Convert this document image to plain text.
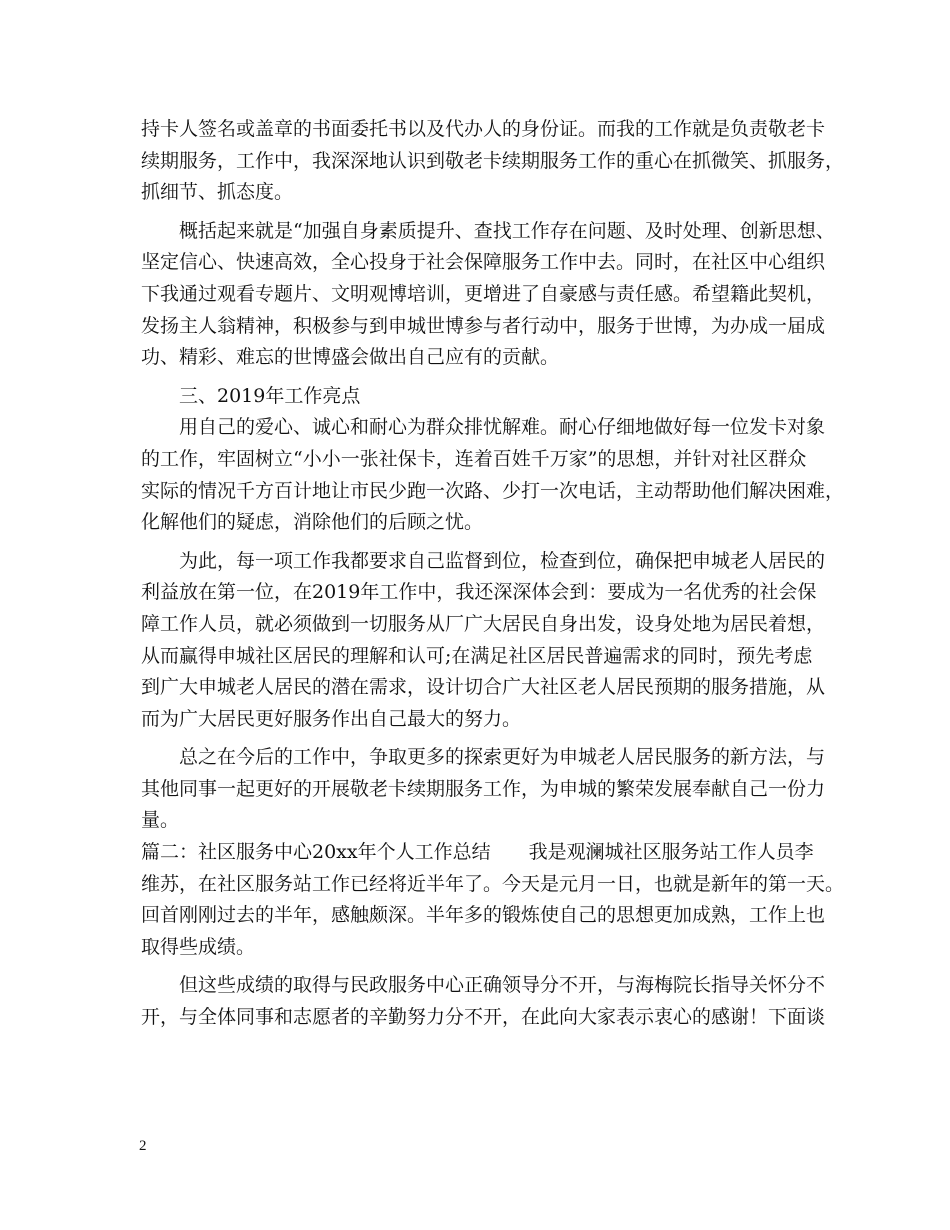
持卡人签名或盖章的书面委托书以及代办人的身份证。而我的工作就是负责敬老卡
续期服务，工作中，我深深地认识到敬老卡续期服务工作的重心在抓微笑、抓服务，
抓细节、抓态度。
概括起来就是“加强自身素质提升、查找工作存在问题、及时处理、创新思想、
坚定信心、快速高效，全心投身于社会保障服务工作中去。同时，在社区中心组织
下我通过观看专题片、文明观博培训，更增进了自豪感与责任感。希望籍此契机，
发扬主人翁精神，积极参与到申城世博参与者行动中，服务于世博，为办成一届成
功、精彩、难忘的世博盛会做出自己应有的贡献。
三、2019年工作亮点
用自己的爱心、诚心和耐心为群众排忧解难。耐心仔细地做好每一位发卡对象
的工作，牢固树立“小小一张社保卡，连着百姓千万家”的思想，并针对社区群众
实际的情况千方百计地让市民少跑一次路、少打一次电话，主动帮助他们解决困难，
化解他们的疑虑，消除他们的后顾之忧。
为此，每一项工作我都要求自己监督到位，检查到位，确保把申城老人居民的
利益放在第一位，在2019年工作中，我还深深体会到：要成为一名优秀的社会保
障工作人员，就必须做到一切服务从厂广大居民自身出发，设身处地为居民着想，
从而赢得申城社区居民的理解和认可;在满足社区居民普遍需求的同时，预先考虑
到广大申城老人居民的潜在需求，设计切合广大社区老人居民预期的服务措施，从
而为广大居民更好服务作出自己最大的努力。
总之在今后的工作中，争取更多的探索更好为申城老人居民服务的新方法，与
其他同事一起更好的开展敬老卡续期服务工作，为申城的繁荣发展奉献自己一份力
量。
篇二：社区服务中心20xx年个人工作总结　　我是观澜城社区服务站工作人员李
维苏，在社区服务站工作已经将近半年了。今天是元月一日，也就是新年的第一天。
回首刚刚过去的半年，感触颇深。半年多的锻炼使自己的思想更加成熟，工作上也
取得些成绩。
但这些成绩的取得与民政服务中心正确领导分不开，与海梅院长指导关怀分不
开，与全体同事和志愿者的辛勤努力分不开，在此向大家表示衷心的感谢！下面谈
2
